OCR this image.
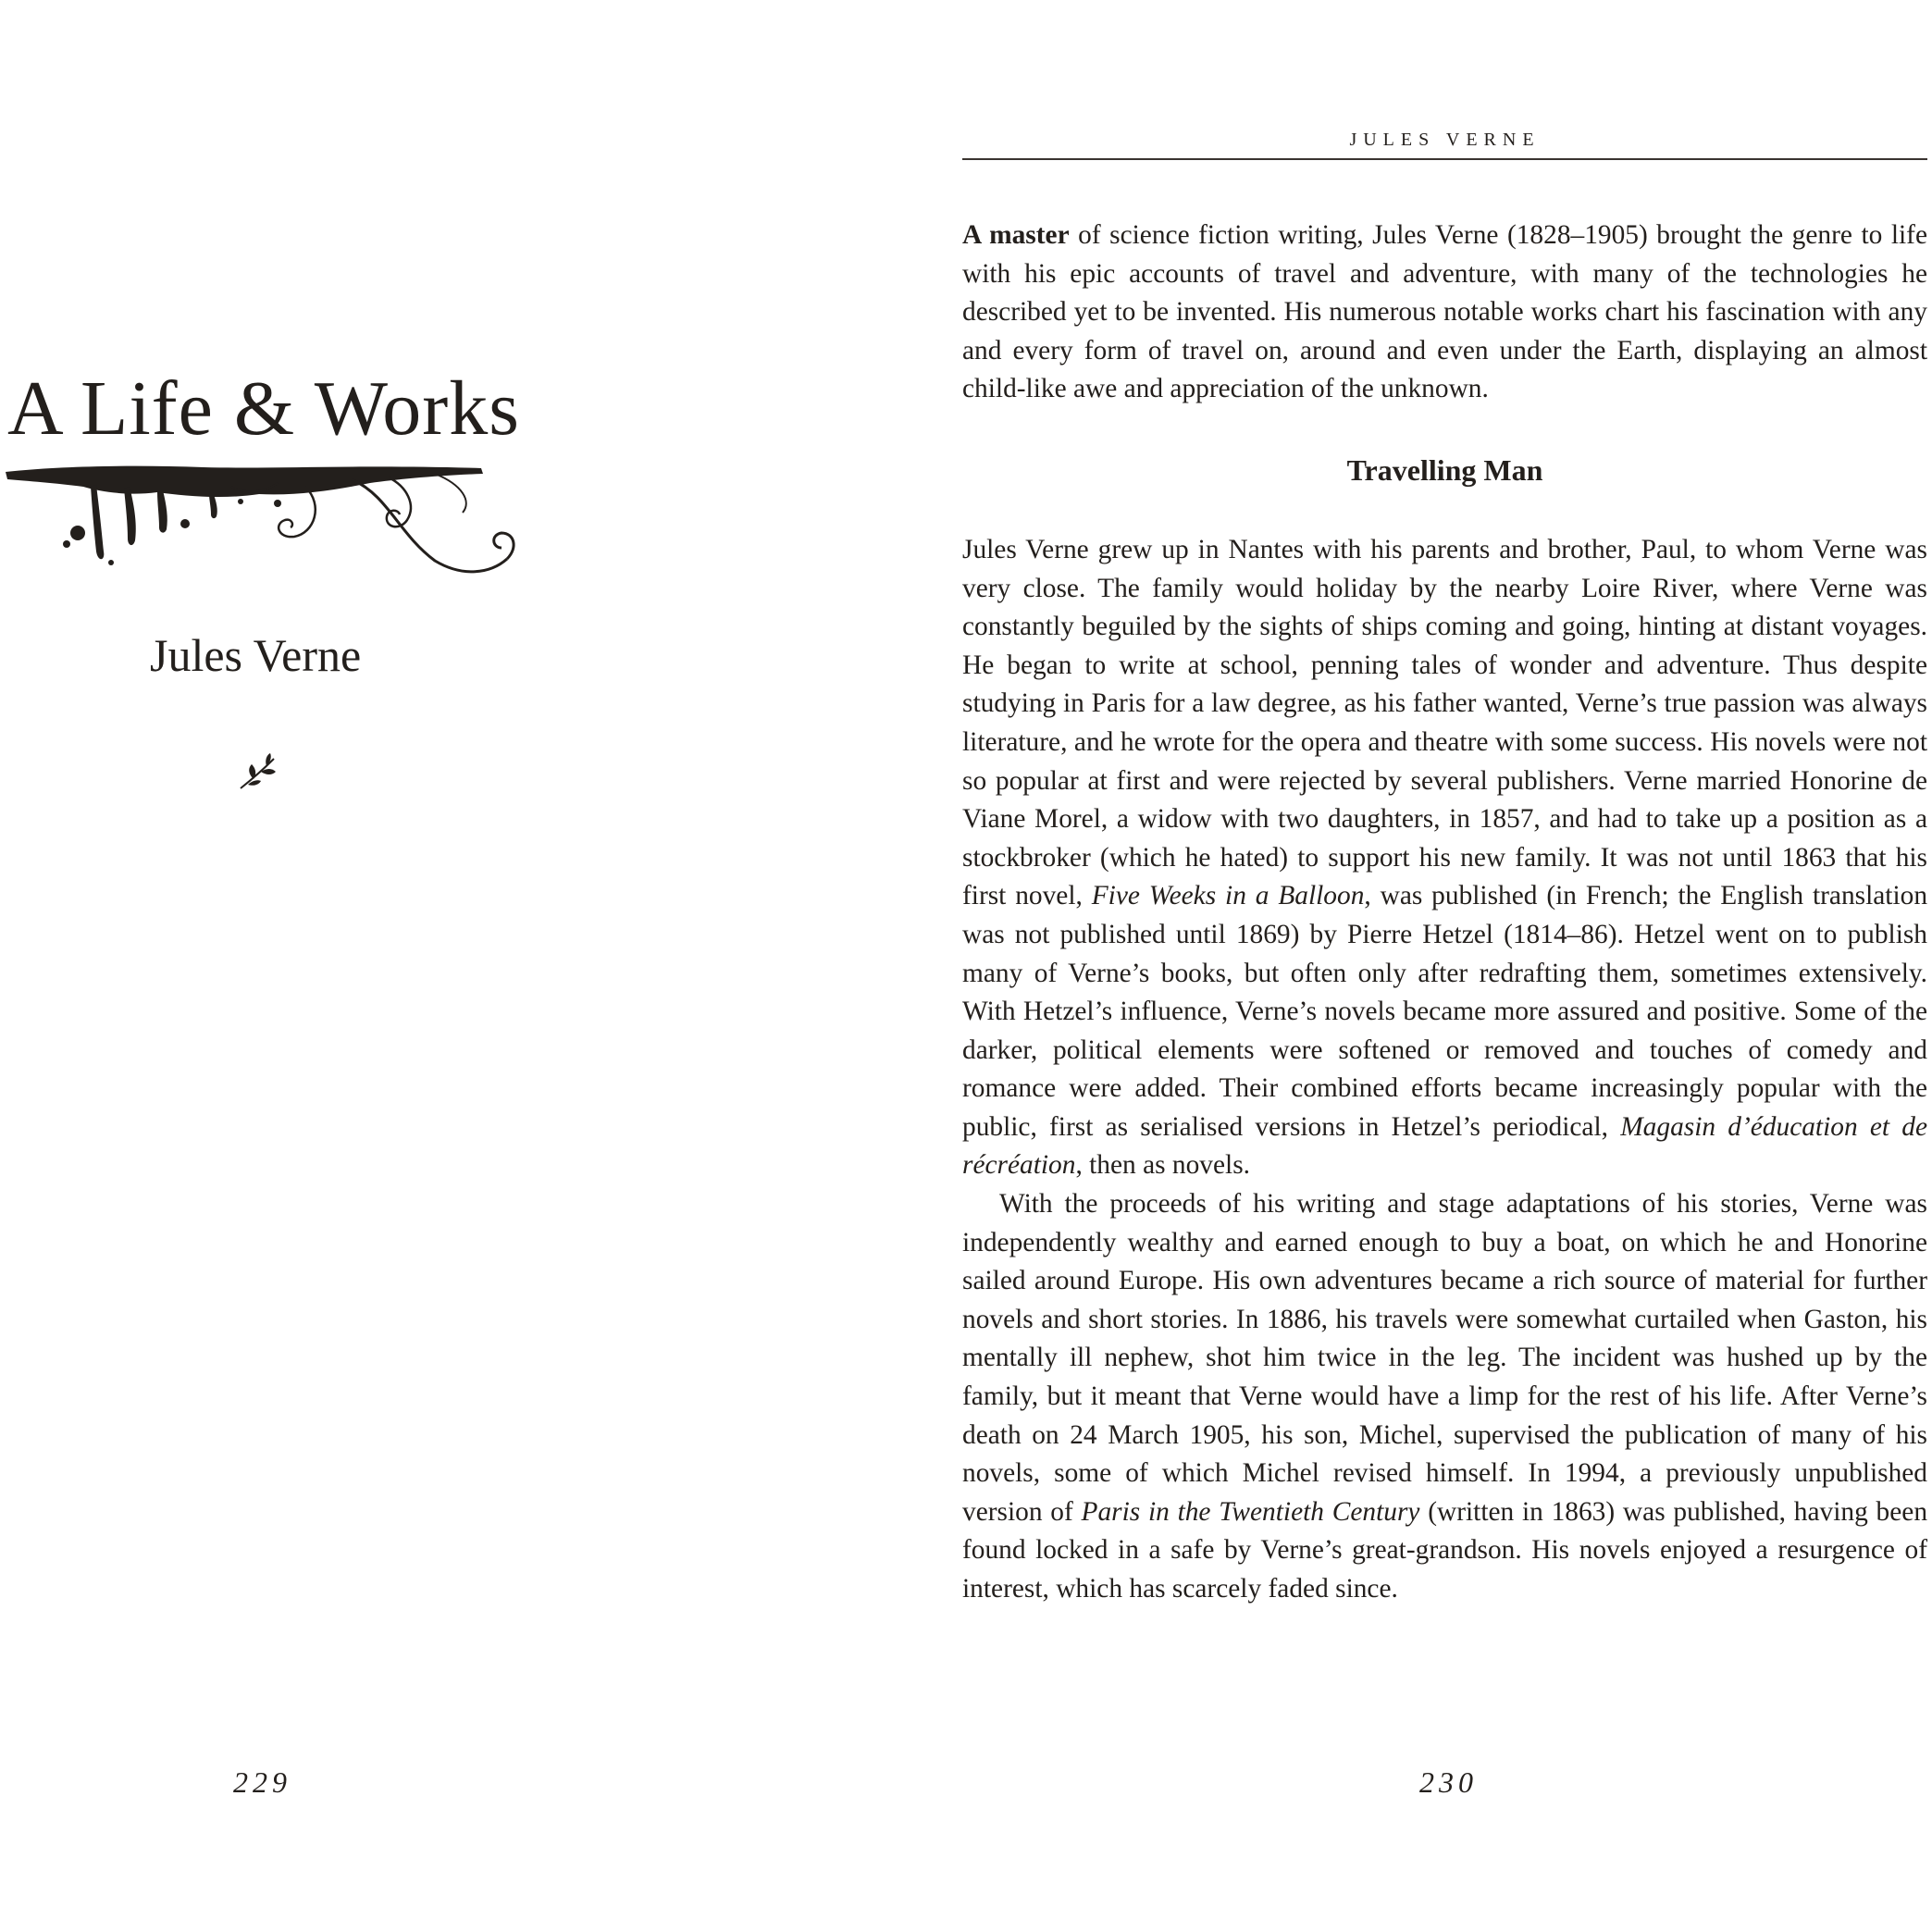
A Life & Works
Jules Verne
229
JULES VERNE

A master of science fiction writing, Jules Verne (1828–1905) brought the genre to life with his epic accounts of travel and adventure, with many of the technologies he described yet to be invented. His numerous notable works chart his fascination with any and every form of travel on, around and even under the Earth, displaying an almost child-like awe and appreciation of the unknown.

Travelling Man

Jules Verne grew up in Nantes with his parents and brother, Paul, to whom Verne was very close. The family would holiday by the nearby Loire River, where Verne was constantly beguiled by the sights of ships coming and going, hinting at distant voyages. He began to write at school, penning tales of wonder and adventure. Thus despite studying in Paris for a law degree, as his father wanted, Verne’s true passion was always literature, and he wrote for the opera and theatre with some success. His novels were not so popular at first and were rejected by several publishers. Verne married Honorine de Viane Morel, a widow with two daughters, in 1857, and had to take up a position as a stockbroker (which he hated) to support his new family. It was not until 1863 that his first novel, Five Weeks in a Balloon, was published (in French; the English translation was not published until 1869) by Pierre Hetzel (1814–86). Hetzel went on to publish many of Verne’s books, but often only after redrafting them, sometimes extensively. With Hetzel’s influence, Verne’s novels became more assured and positive. Some of the darker, political elements were softened or removed and touches of comedy and romance were added. Their combined efforts became increasingly popular with the public, first as serialised versions in Hetzel’s periodical, Magasin d’éducation et de récréation, then as novels.

With the proceeds of his writing and stage adaptations of his stories, Verne was independently wealthy and earned enough to buy a boat, on which he and Honorine sailed around Europe. His own adventures became a rich source of material for further novels and short stories. In 1886, his travels were somewhat curtailed when Gaston, his mentally ill nephew, shot him twice in the leg. The incident was hushed up by the family, but it meant that Verne would have a limp for the rest of his life. After Verne’s death on 24 March 1905, his son, Michel, supervised the publication of many of his novels, some of which Michel revised himself. In 1994, a previously unpublished version of Paris in the Twentieth Century (written in 1863) was published, having been found locked in a safe by Verne’s great-grandson. His novels enjoyed a resurgence of interest, which has scarcely faded since.

230
